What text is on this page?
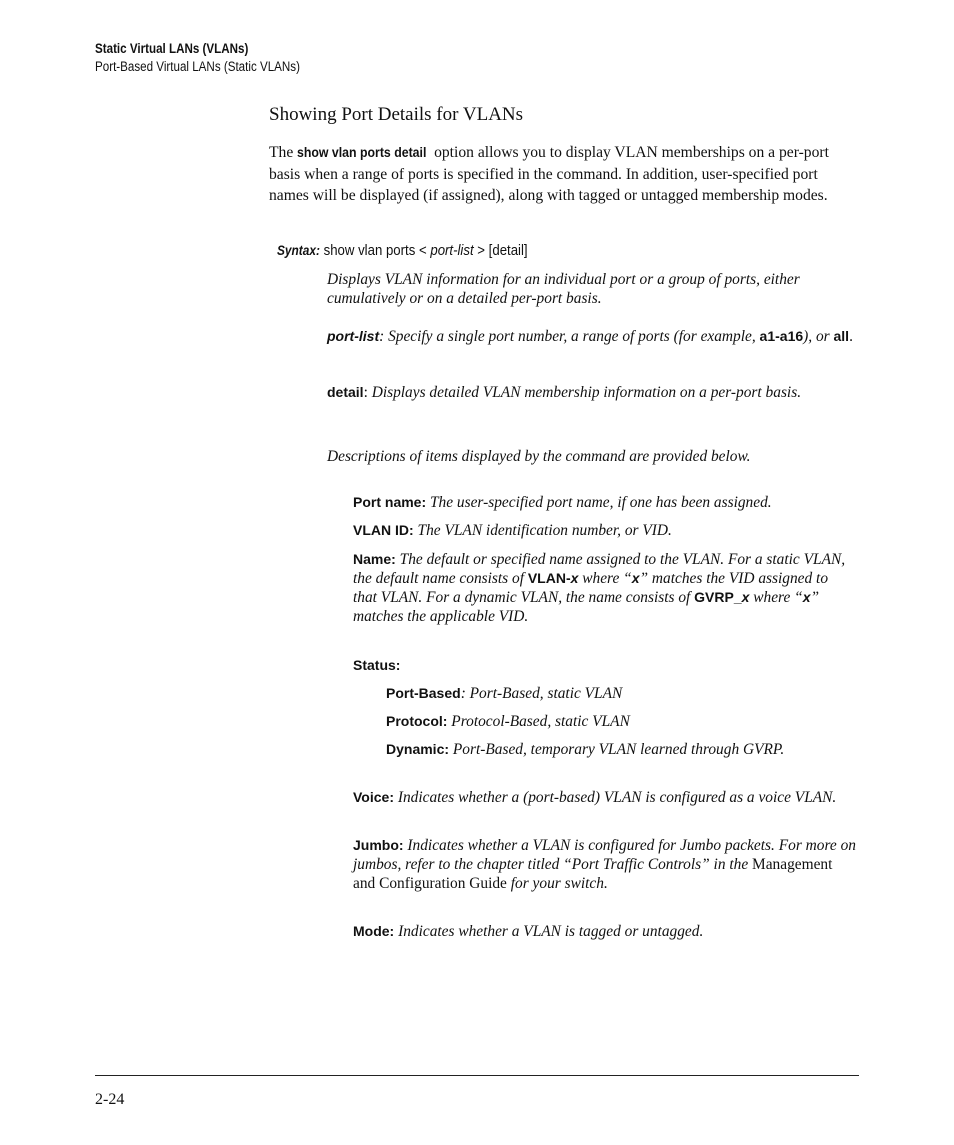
Static Virtual LANs (VLANs)
Port-Based Virtual LANs (Static VLANs)
Showing Port Details for VLANs
The show vlan ports detail option allows you to display VLAN memberships on a per-port basis when a range of ports is specified in the command. In addition, user-specified port names will be displayed (if assigned), along with tagged or untagged membership modes.
Syntax: show vlan ports < port-list > [detail]
Displays VLAN information for an individual port or a group of ports, either cumulatively or on a detailed per-port basis.
port-list: Specify a single port number, a range of ports (for example, a1-a16), or all.
detail: Displays detailed VLAN membership information on a per-port basis.
Descriptions of items displayed by the command are provided below.
Port name: The user-specified port name, if one has been assigned.
VLAN ID: The VLAN identification number, or VID.
Name: The default or specified name assigned to the VLAN. For a static VLAN, the default name consists of VLAN-x where “x” matches the VID assigned to that VLAN. For a dynamic VLAN, the name consists of GVRP_x where “x” matches the applicable VID.
Status:
Port-Based: Port-Based, static VLAN
Protocol: Protocol-Based, static VLAN
Dynamic: Port-Based, temporary VLAN learned through GVRP.
Voice: Indicates whether a (port-based) VLAN is configured as a voice VLAN.
Jumbo: Indicates whether a VLAN is configured for Jumbo packets. For more on jumbos, refer to the chapter titled “Port Traffic Controls” in the Management and Configuration Guide for your switch.
Mode: Indicates whether a VLAN is tagged or untagged.
2-24
